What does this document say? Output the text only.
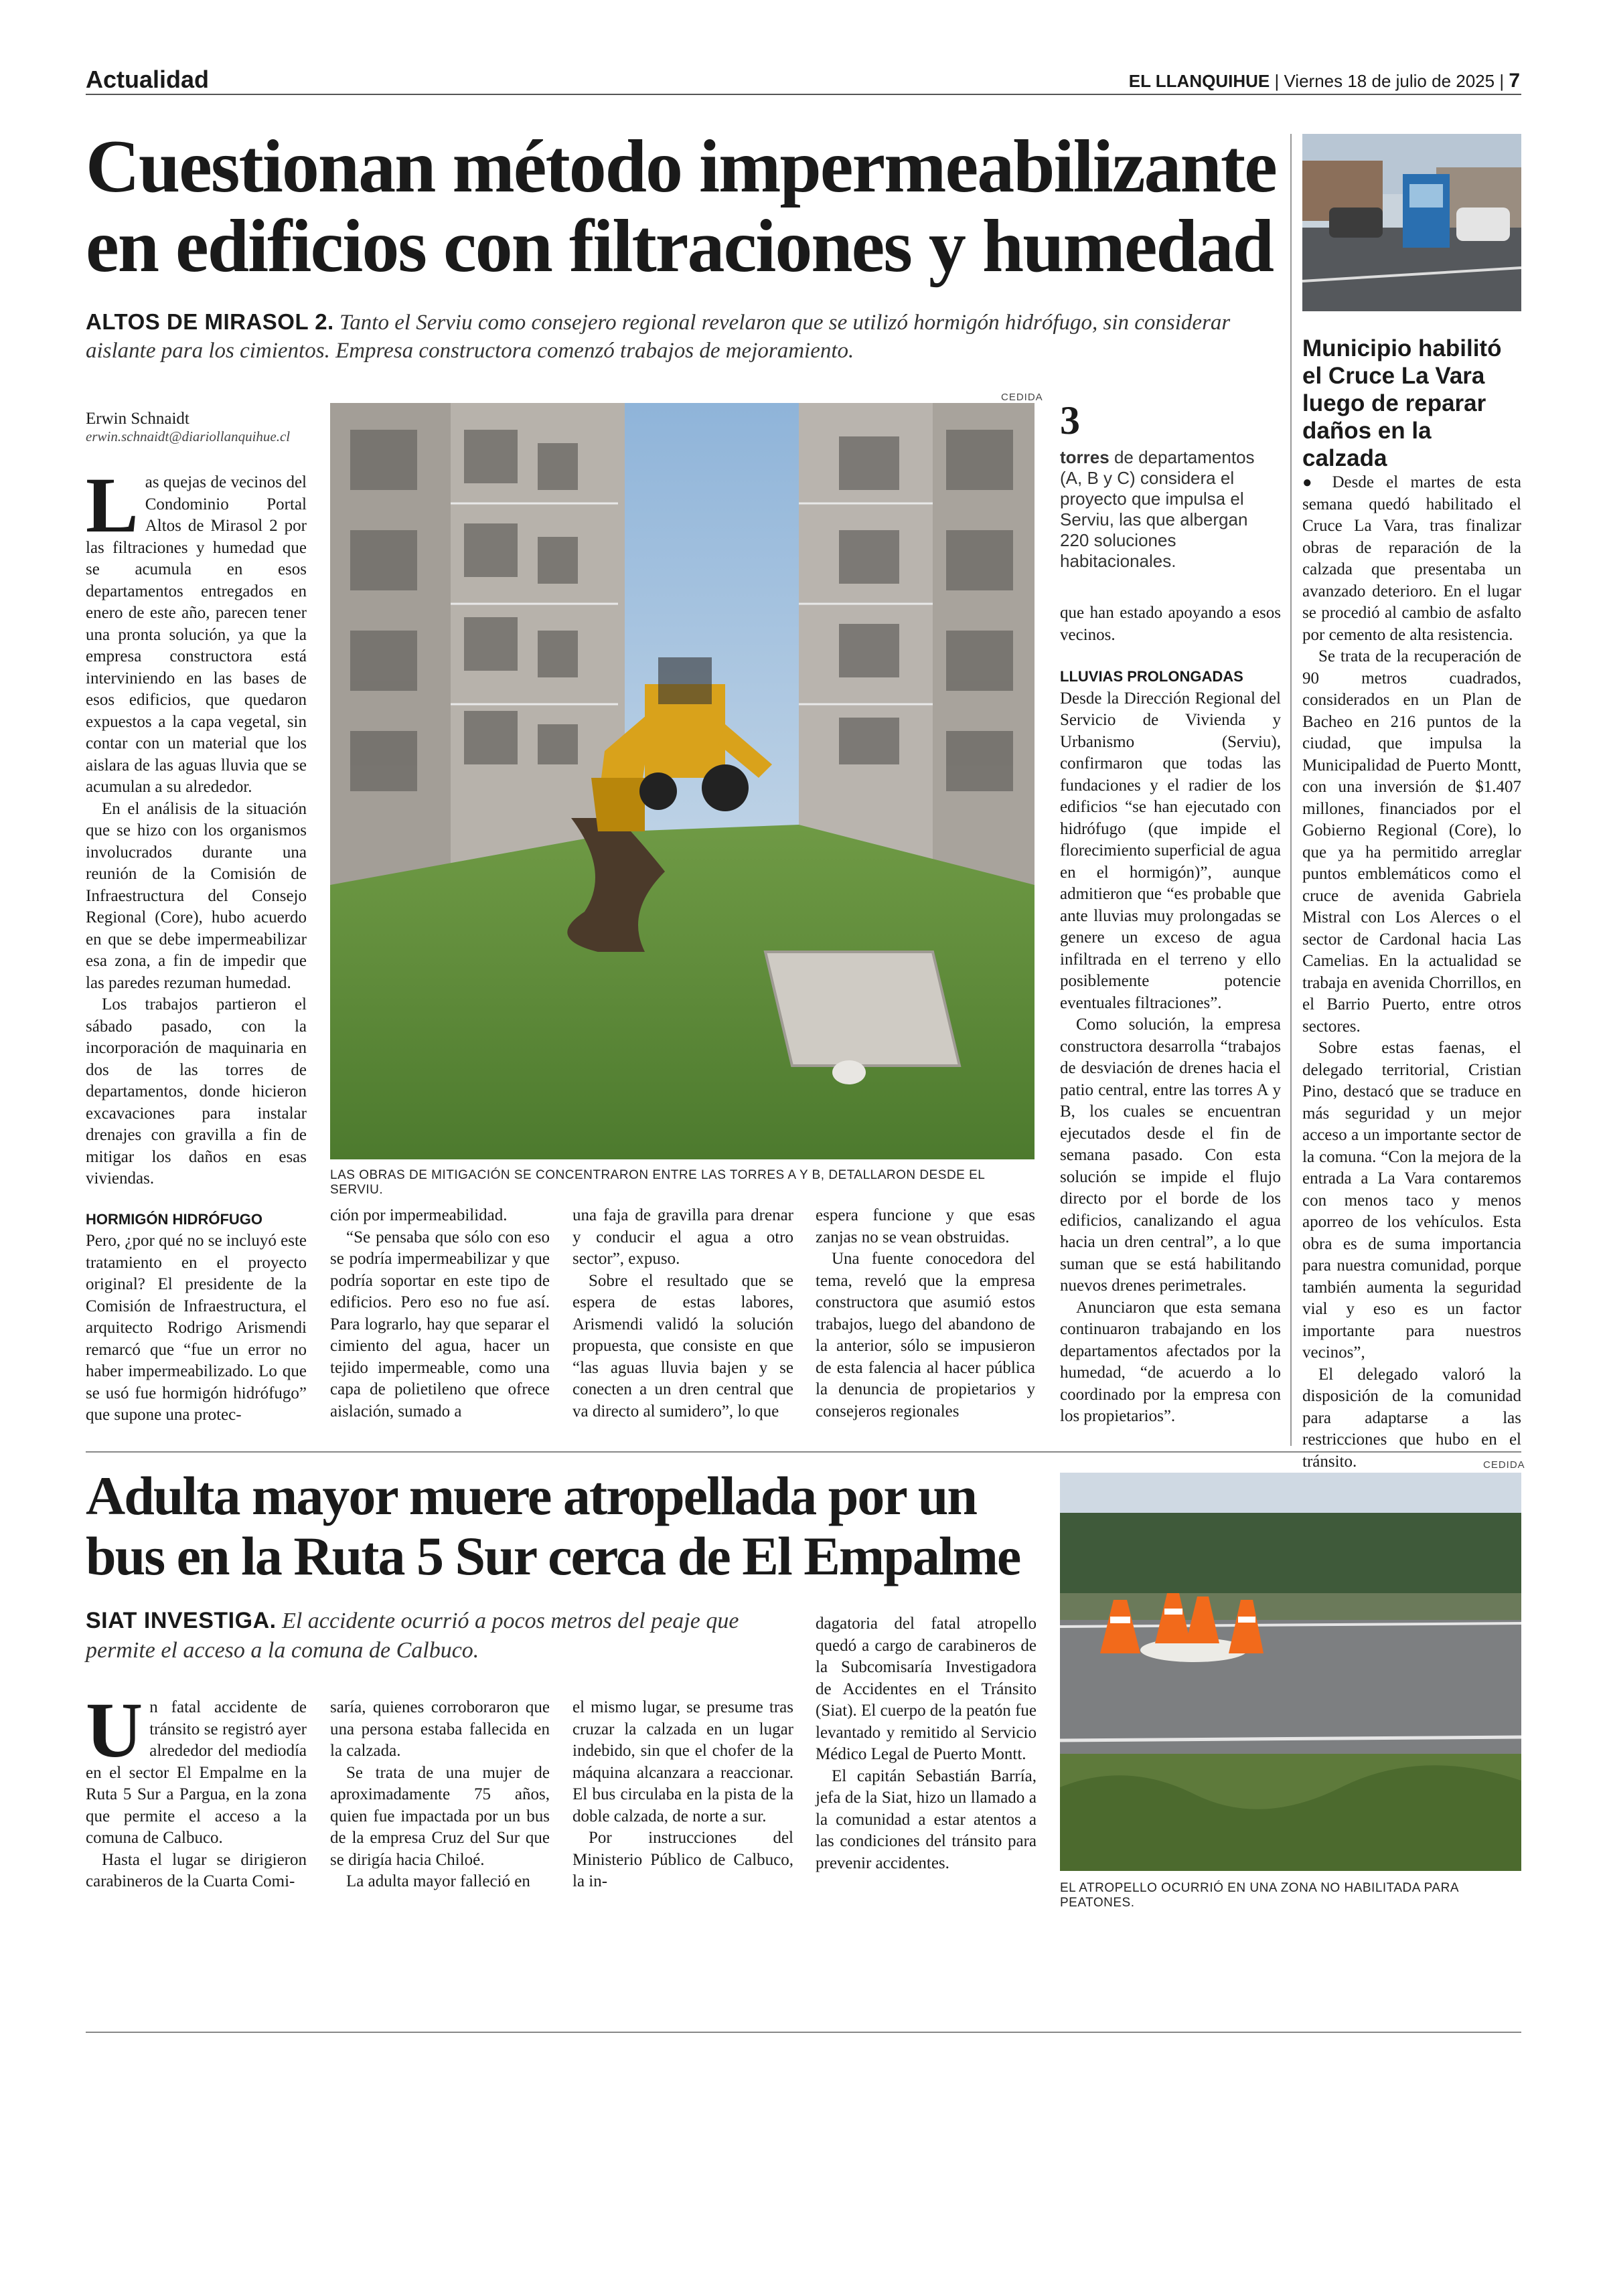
Actualidad	EL LLANQUIHUE | Viernes 18 de julio de 2025 | 7
Cuestionan método impermeabilizante
en edificios con filtraciones y humedad
ALTOS DE MIRASOL 2. Tanto el Serviu como consejero regional revelaron que se utilizó hormigón hidrófugo, sin considerar aislante para los cimientos. Empresa constructora comenzó trabajos de mejoramiento.
Erwin Schnaidt
erwin.schnaidt@diariollanquihue.cl

Las quejas de vecinos del Condominio Portal Altos de Mirasol 2 por las filtraciones y humedad que se acumula en esos departamentos entregados en enero de este año, parecen tener una pronta solución, ya que la empresa constructora está interviniendo en las bases de esos edificios, que quedaron expuestos a la capa vegetal, sin contar con un material que los aislara de las aguas lluvia que se acumulan a su alrededor.

En el análisis de la situación que se hizo con los organismos involucrados durante una reunión de la Comisión de Infraestructura del Consejo Regional (Core), hubo acuerdo en que se debe impermeabilizar esa zona, a fin de impedir que las paredes rezuman humedad.

Los trabajos partieron el sábado pasado, con la incorporación de maquinaria en dos de las torres de departamentos, donde hicieron excavaciones para instalar drenajes con gravilla a fin de mitigar los daños en esas viviendas.

HORMIGÓN HIDRÓFUGO

Pero, ¿por qué no se incluyó este tratamiento en el proyecto original? El presidente de la Comisión de Infraestructura, el arquitecto Rodrigo Arismendi remarcó que “fue un error no haber impermeabilizado. Lo que se usó fue hormigón hidrófugo” que supone una protec-

CEDIDA
LAS OBRAS DE MITIGACIÓN SE CONCENTRARON ENTRE LAS TORRES A Y B, DETALLARON DESDE EL SERVIU.

ción por impermeabilidad.

“Se pensaba que sólo con eso se podría impermeabilizar y que podría soportar en este tipo de edificios. Pero eso no fue así. Para lograrlo, hay que separar el cimiento del agua, hacer un tejido impermeable, como una capa de polietileno que ofrece aislación, sumado a

una faja de gravilla para drenar y conducir el agua a otro sector”, expuso.

Sobre el resultado que se espera de estas labores, Arismendi validó la solución propuesta, que consiste en que “las aguas lluvia bajen y se conecten a un dren central que va directo al sumidero”, lo que

espera funcione y que esas zanjas no se vean obstruidas.

Una fuente conocedora del tema, reveló que la empresa constructora que asumió estos trabajos, luego del abandono de la anterior, sólo se impusieron de esta falencia al hacer pública la denuncia de propietarios y consejeros regionales

3
torres de departamentos (A, B y C) considera el proyecto que impulsa el Serviu, las que albergan 220 soluciones habitacionales.

que han estado apoyando a esos vecinos.

LLUVIAS PROLONGADAS

Desde la Dirección Regional del Servicio de Vivienda y Urbanismo (Serviu), confirmaron que todas las fundaciones y el radier de los edificios “se han ejecutado con hidrófugo (que impide el florecimiento superficial de agua en el hormigón)”, aunque admitieron que “es probable que ante lluvias muy prolongadas se genere un exceso de agua infiltrada en el terreno y ello posiblemente potencie eventuales filtraciones”.

Como solución, la empresa constructora desarrolla “trabajos de desviación de drenes hacia el patio central, entre las torres A y B, los cuales se encuentran ejecutados desde el fin de semana pasado. Con esta solución se impide el flujo directo por el borde de los edificios, canalizando el agua hacia un dren central”, a lo que suman que se está habilitando nuevos drenes perimetrales.

Anunciaron que esta semana continuaron trabajando en los departamentos afectados por la humedad, “de acuerdo a lo coordinado por la empresa con los propietarios”.

Municipio habilitó el Cruce La Vara luego de reparar daños en la calzada

● Desde el martes de esta semana quedó habilitado el Cruce La Vara, tras finalizar obras de reparación de la calzada que presentaba un avanzado deterioro. En el lugar se procedió al cambio de asfalto por cemento de alta resistencia.

Se trata de la recuperación de 90 metros cuadrados, considerados en un Plan de Bacheo en 216 puntos de la ciudad, que impulsa la Municipalidad de Puerto Montt, con una inversión de $1.407 millones, financiados por el Gobierno Regional (Core), lo que ya ha permitido arreglar puntos emblemáticos como el cruce de avenida Gabriela Mistral con Los Alerces o el sector de Cardonal hacia Las Camelias. En la actualidad se trabaja en avenida Chorrillos, en el Barrio Puerto, entre otros sectores.

Sobre estas faenas, el delegado territorial, Cristian Pino, destacó que se traduce en más seguridad y un mejor acceso a un importante sector de la comuna. “Con la mejora de la entrada a La Vara contaremos con menos taco y menos aporreo de los vehículos. Esta obra es de suma importancia para nuestra comunidad, porque también aumenta la seguridad vial y eso es un factor importante para nuestros vecinos”,

El delegado valoró la disposición de la comunidad para adaptarse a las restricciones que hubo en el tránsito.

Adulta mayor muere atropellada por un
bus en la Ruta 5 Sur cerca de El Empalme
SIAT INVESTIGA. El accidente ocurrió a pocos metros del peaje que permite el acceso a la comuna de Calbuco.

Un fatal accidente de tránsito se registró ayer alrededor del mediodía en el sector El Empalme en la Ruta 5 Sur a Pargua, en la zona que permite el acceso a la comuna de Calbuco.

Hasta el lugar se dirigieron carabineros de la Cuarta Comi-

saría, quienes corroboraron que una persona estaba fallecida en la calzada.

Se trata de una mujer de aproximadamente 75 años, quien fue impactada por un bus de la empresa Cruz del Sur que se dirigía hacia Chiloé.

La adulta mayor falleció en

el mismo lugar, se presume tras cruzar la calzada en un lugar indebido, sin que el chofer de la máquina alcanzara a reaccionar. El bus circulaba en la pista de la doble calzada, de norte a sur.

Por instrucciones del Ministerio Público de Calbuco, la in-

dagatoria del fatal atropello quedó a cargo de carabineros de la Subcomisaría Investigadora de Accidentes en el Tránsito (Siat). El cuerpo de la peatón fue levantado y remitido al Servicio Médico Legal de Puerto Montt.

El capitán Sebastián Barría, jefa de la Siat, hizo un llamado a la comunidad a estar atentos a las condiciones del tránsito para prevenir accidentes.

CEDIDA
EL ATROPELLO OCURRIÓ EN UNA ZONA NO HABILITADA PARA PEATONES.
